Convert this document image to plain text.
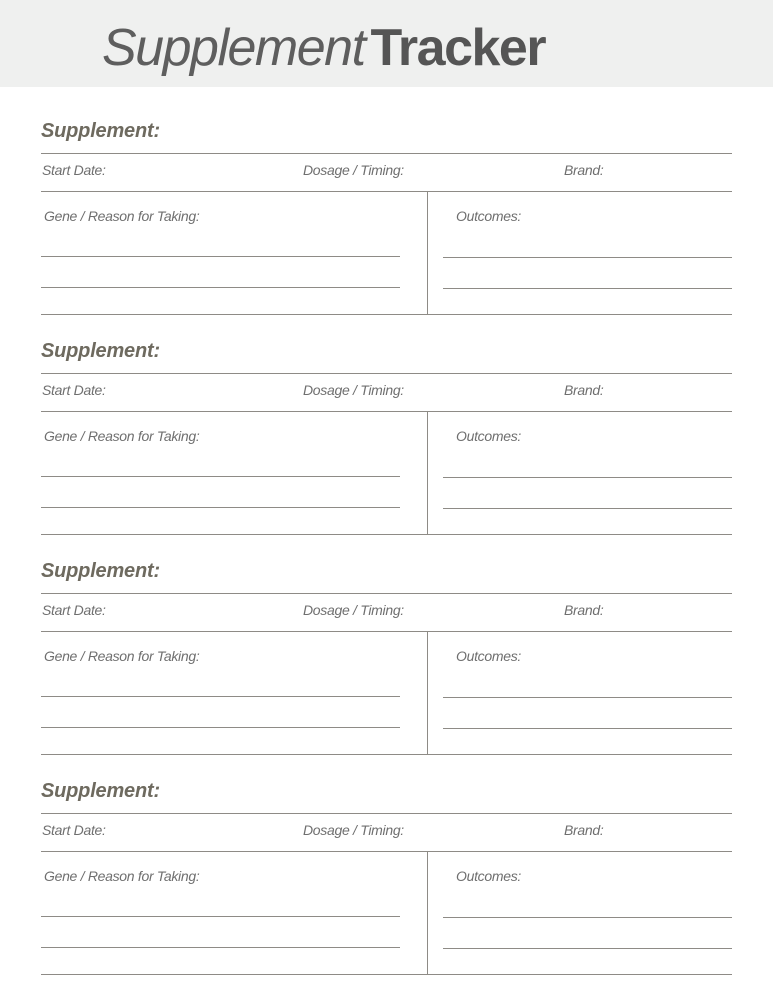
Supplement Tracker
Supplement:
Start Date:	Dosage / Timing:	Brand:
Gene / Reason for Taking:	Outcomes:
Supplement:
Start Date:	Dosage / Timing:	Brand:
Gene / Reason for Taking:	Outcomes:
Supplement:
Start Date:	Dosage / Timing:	Brand:
Gene / Reason for Taking:	Outcomes:
Supplement:
Start Date:	Dosage / Timing:	Brand:
Gene / Reason for Taking:	Outcomes:
